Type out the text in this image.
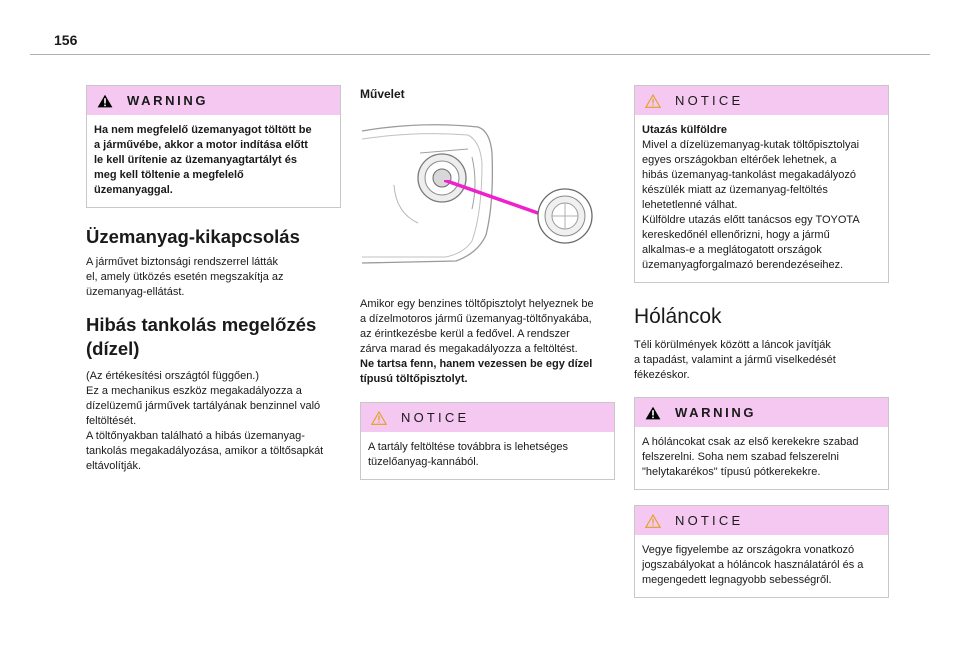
156
WARNING
Ha nem megfelelő üzemanyagot töltött be
a járművébe, akkor a motor indítása előtt
le kell ürítenie az üzemanyagtartályt és
meg kell töltenie a megfelelő
üzemanyaggal.
Üzemanyag-kikapcsolás
A járművet biztonsági rendszerrel látták
el, amely ütközés esetén megszakítja az
üzemanyag-ellátást.
Hibás tankolás megelőzés
(dízel)
(Az értékesítési országtól függően.)
Ez a mechanikus eszköz megakadályozza a
dízelüzemű járművek tartályának benzinnel való
feltöltését.
A töltőnyakban található a hibás üzemanyag-
tankolás megakadályozása, amikor a töltősapkát
eltávolítják.
Művelet
Amikor egy benzines töltőpisztolyt helyeznek be
a dízelmotoros jármű üzemanyag-töltőnyakába,
az érintkezésbe kerül a fedővel. A rendszer
zárva marad és megakadályozza a feltöltést.
Ne tartsa fenn, hanem vezessen be egy dízel
típusú töltőpisztolyt.
NOTICE
A tartály feltöltése továbbra is lehetséges
tüzelőanyag-kannából.
NOTICE
Utazás külföldre
Mivel a dízelüzemanyag-kutak töltőpisztolyai
egyes országokban eltérőek lehetnek, a
hibás üzemanyag-tankolást megakadályozó
készülék miatt az üzemanyag-feltöltés
lehetetlenné válhat.
Külföldre utazás előtt tanácsos egy TOYOTA
kereskedőnél ellenőrizni, hogy a jármű
alkalmas-e a meglátogatott országok
üzemanyagforgalmazó berendezéseihez.
Hóláncok
Téli körülmények között a láncok javítják
a tapadást, valamint a jármű viselkedését
fékezéskor.
WARNING
A hóláncokat csak az első kerekekre szabad
felszerelni. Soha nem szabad felszerelni
"helytakarékos" típusú pótkerekekre.
NOTICE
Vegye figyelembe az országokra vonatkozó
jogszabályokat a hóláncok használatáról és a
megengedett legnagyobb sebességről.
